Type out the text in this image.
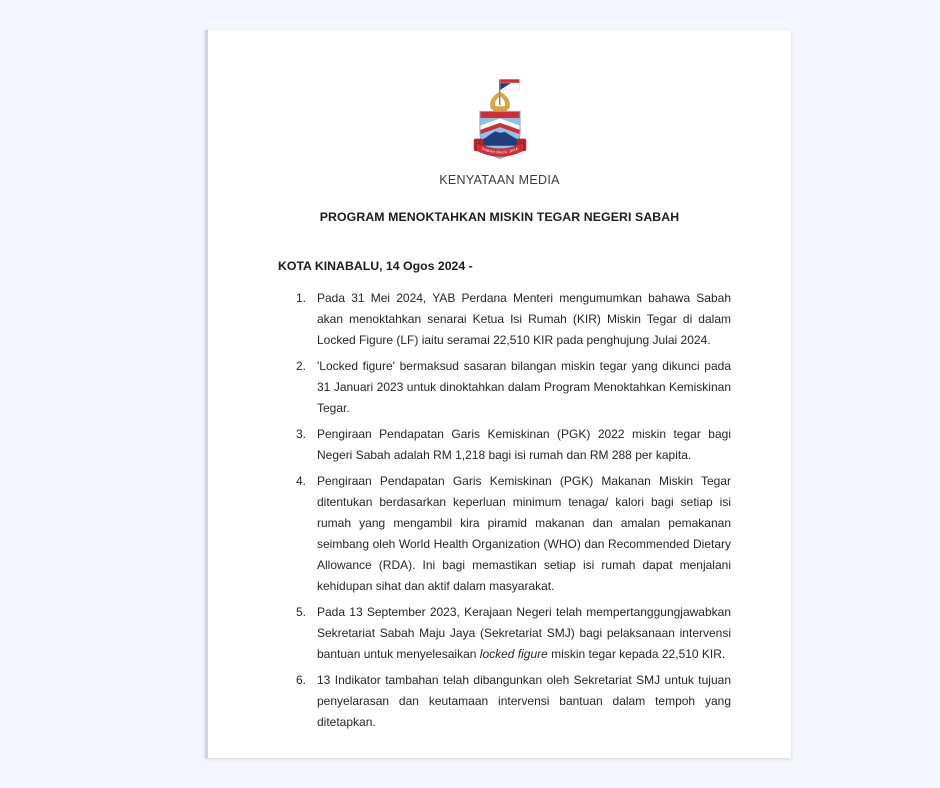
SABAH MAJU JAYA
KENYATAAN MEDIA
PROGRAM MENOKTAHKAN MISKIN TEGAR NEGERI SABAH
KOTA KINABALU, 14 Ogos 2024 -
1. Pada 31 Mei 2024, YAB Perdana Menteri mengumumkan bahawa Sabah akan menoktahkan senarai Ketua Isi Rumah (KIR) Miskin Tegar di dalam Locked Figure (LF) iaitu seramai 22,510 KIR pada penghujung Julai 2024.
2. 'Locked figure' bermaksud sasaran bilangan miskin tegar yang dikunci pada 31 Januari 2023 untuk dinoktahkan dalam Program Menoktahkan Kemiskinan Tegar.
3. Pengiraan Pendapatan Garis Kemiskinan (PGK) 2022 miskin tegar bagi Negeri Sabah adalah RM 1,218 bagi isi rumah dan RM 288 per kapita.
4. Pengiraan Pendapatan Garis Kemiskinan (PGK) Makanan Miskin Tegar ditentukan berdasarkan keperluan minimum tenaga/ kalori bagi setiap isi rumah yang mengambil kira piramid makanan dan amalan pemakanan seimbang oleh World Health Organization (WHO) dan Recommended Dietary Allowance (RDA). Ini bagi memastikan setiap isi rumah dapat menjalani kehidupan sihat dan aktif dalam masyarakat.
5. Pada 13 September 2023, Kerajaan Negeri telah mempertanggungjawabkan Sekretariat Sabah Maju Jaya (Sekretariat SMJ) bagi pelaksanaan intervensi bantuan untuk menyelesaikan locked figure miskin tegar kepada 22,510 KIR.
6. 13 Indikator tambahan telah dibangunkan oleh Sekretariat SMJ untuk tujuan penyelarasan dan keutamaan intervensi bantuan dalam tempoh yang ditetapkan.
